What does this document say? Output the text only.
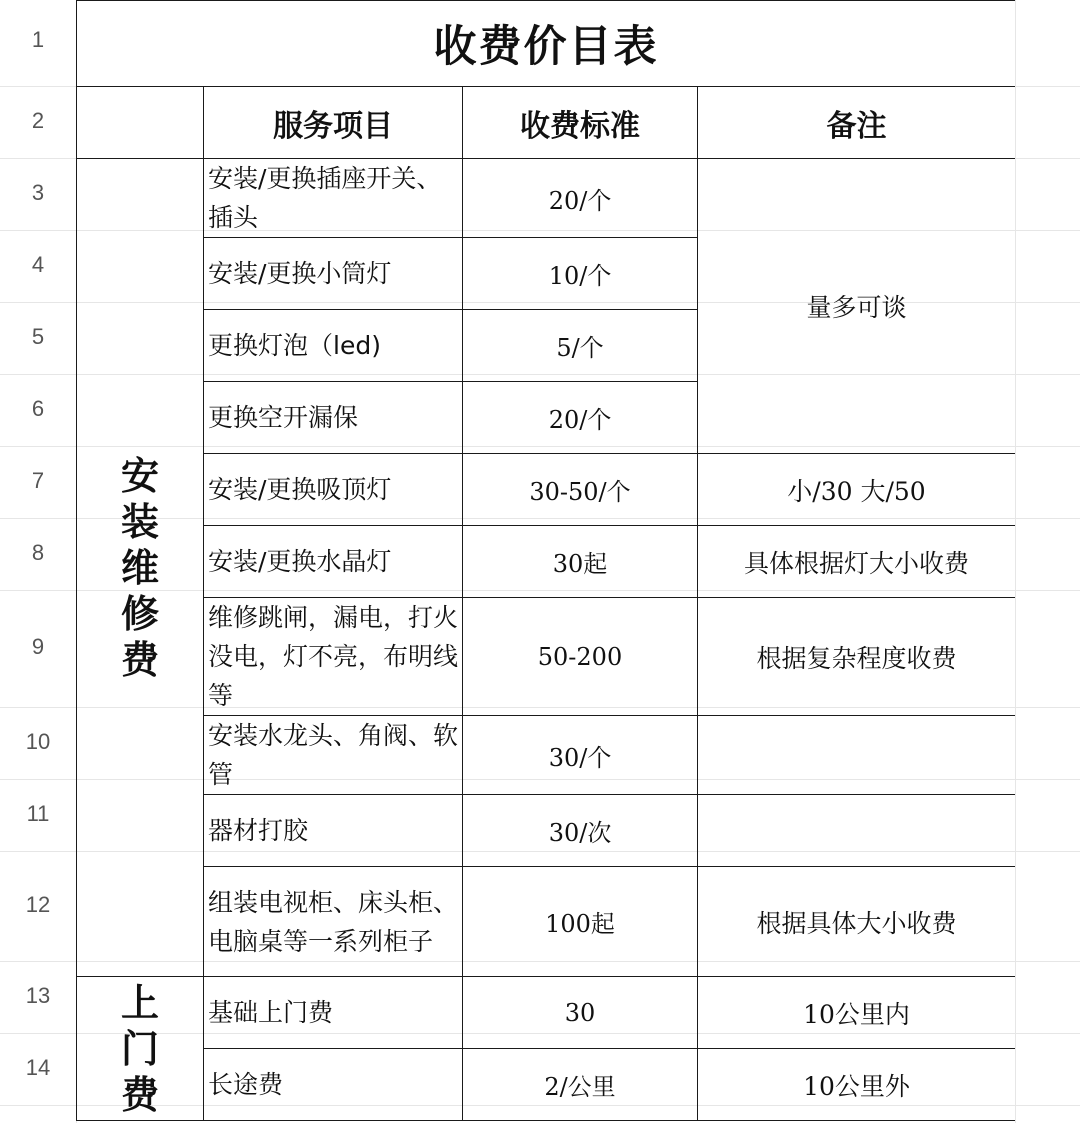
1
2
3
4
5
6
7
8
9
10
11
12
13
14
收费价目表			
	服务项目	收费标准	备注
安装维修费	安装/更换插座开关、插头	20/个	量多可谈
	安装/更换小筒灯	10/个	
	更换灯泡（led)	5/个	
	更换空开漏保	20/个	
	安装/更换吸顶灯	30-50/个	小/30 大/50
	安装/更换水晶灯	30起	具体根据灯大小收费
	维修跳闸，漏电，打火没电，灯不亮，布明线等	50-200	根据复杂程度收费
	安装水龙头、角阀、软管	30/个	
	器材打胶	30/次	
	组装电视柜、床头柜、电脑桌等一系列柜子	100起	根据具体大小收费
上门费	基础上门费	30	10公里内
	长途费	2/公里	10公里外
